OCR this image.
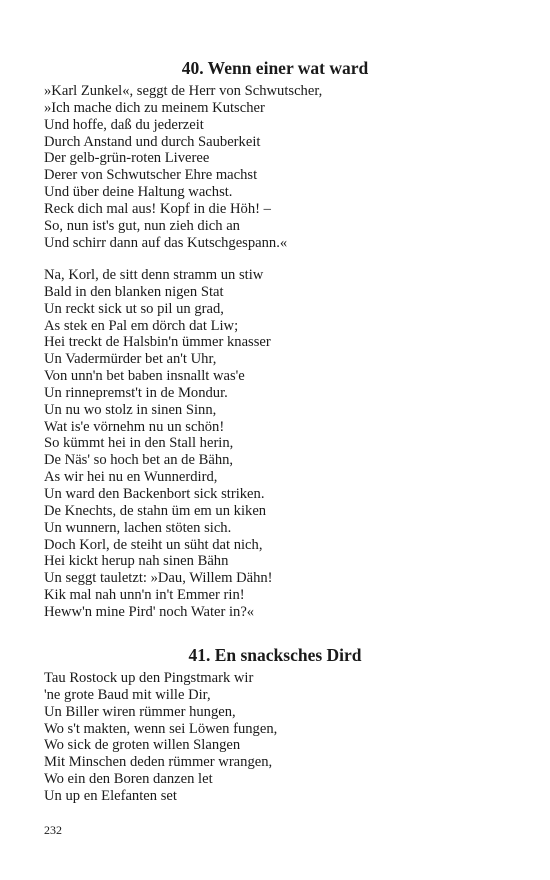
40. Wenn einer wat ward
»Karl Zunkel«, seggt de Herr von Schwutscher,
»Ich mache dich zu meinem Kutscher
Und hoffe, daß du jederzeit
Durch Anstand und durch Sauberkeit
Der gelb-grün-roten Liveree
Derer von Schwutscher Ehre machst
Und über deine Haltung wachst.
Reck dich mal aus! Kopf in die Höh! –
So, nun ist's gut, nun zieh dich an
Und schirr dann auf das Kutschgespann.«
Na, Korl, de sitt denn stramm un stiw
Bald in den blanken nigen Stat
Un reckt sick ut so pil un grad,
As stek en Pal em dörch dat Liw;
Hei treckt de Halsbin'n ümmer knasser
Un Vadermürder bet an't Uhr,
Von unn'n bet baben insnallt was'e
Un rinnepremst't in de Mondur.
Un nu wo stolz in sinen Sinn,
Wat is'e vörnehm nu un schön!
So kümmt hei in den Stall herin,
De Näs' so hoch bet an de Bähn,
As wir hei nu en Wunnerdird,
Un ward den Backenbort sick striken.
De Knechts, de stahn üm em un kiken
Un wunnern, lachen stöten sich.
Doch Korl, de steiht un süht dat nich,
Hei kickt herup nah sinen Bähn
Un seggt tauletzt: »Dau, Willem Dähn!
Kik mal nah unn'n in't Emmer rin!
Heww'n mine Pird' noch Water in?«
41. En snacksches Dird
Tau Rostock up den Pingstmark wir
'ne grote Baud mit wille Dir,
Un Biller wiren rümmer hungen,
Wo s't makten, wenn sei Löwen fungen,
Wo sick de groten willen Slangen
Mit Minschen deden rümmer wrangen,
Wo ein den Boren danzen let
Un up en Elefanten set
232
